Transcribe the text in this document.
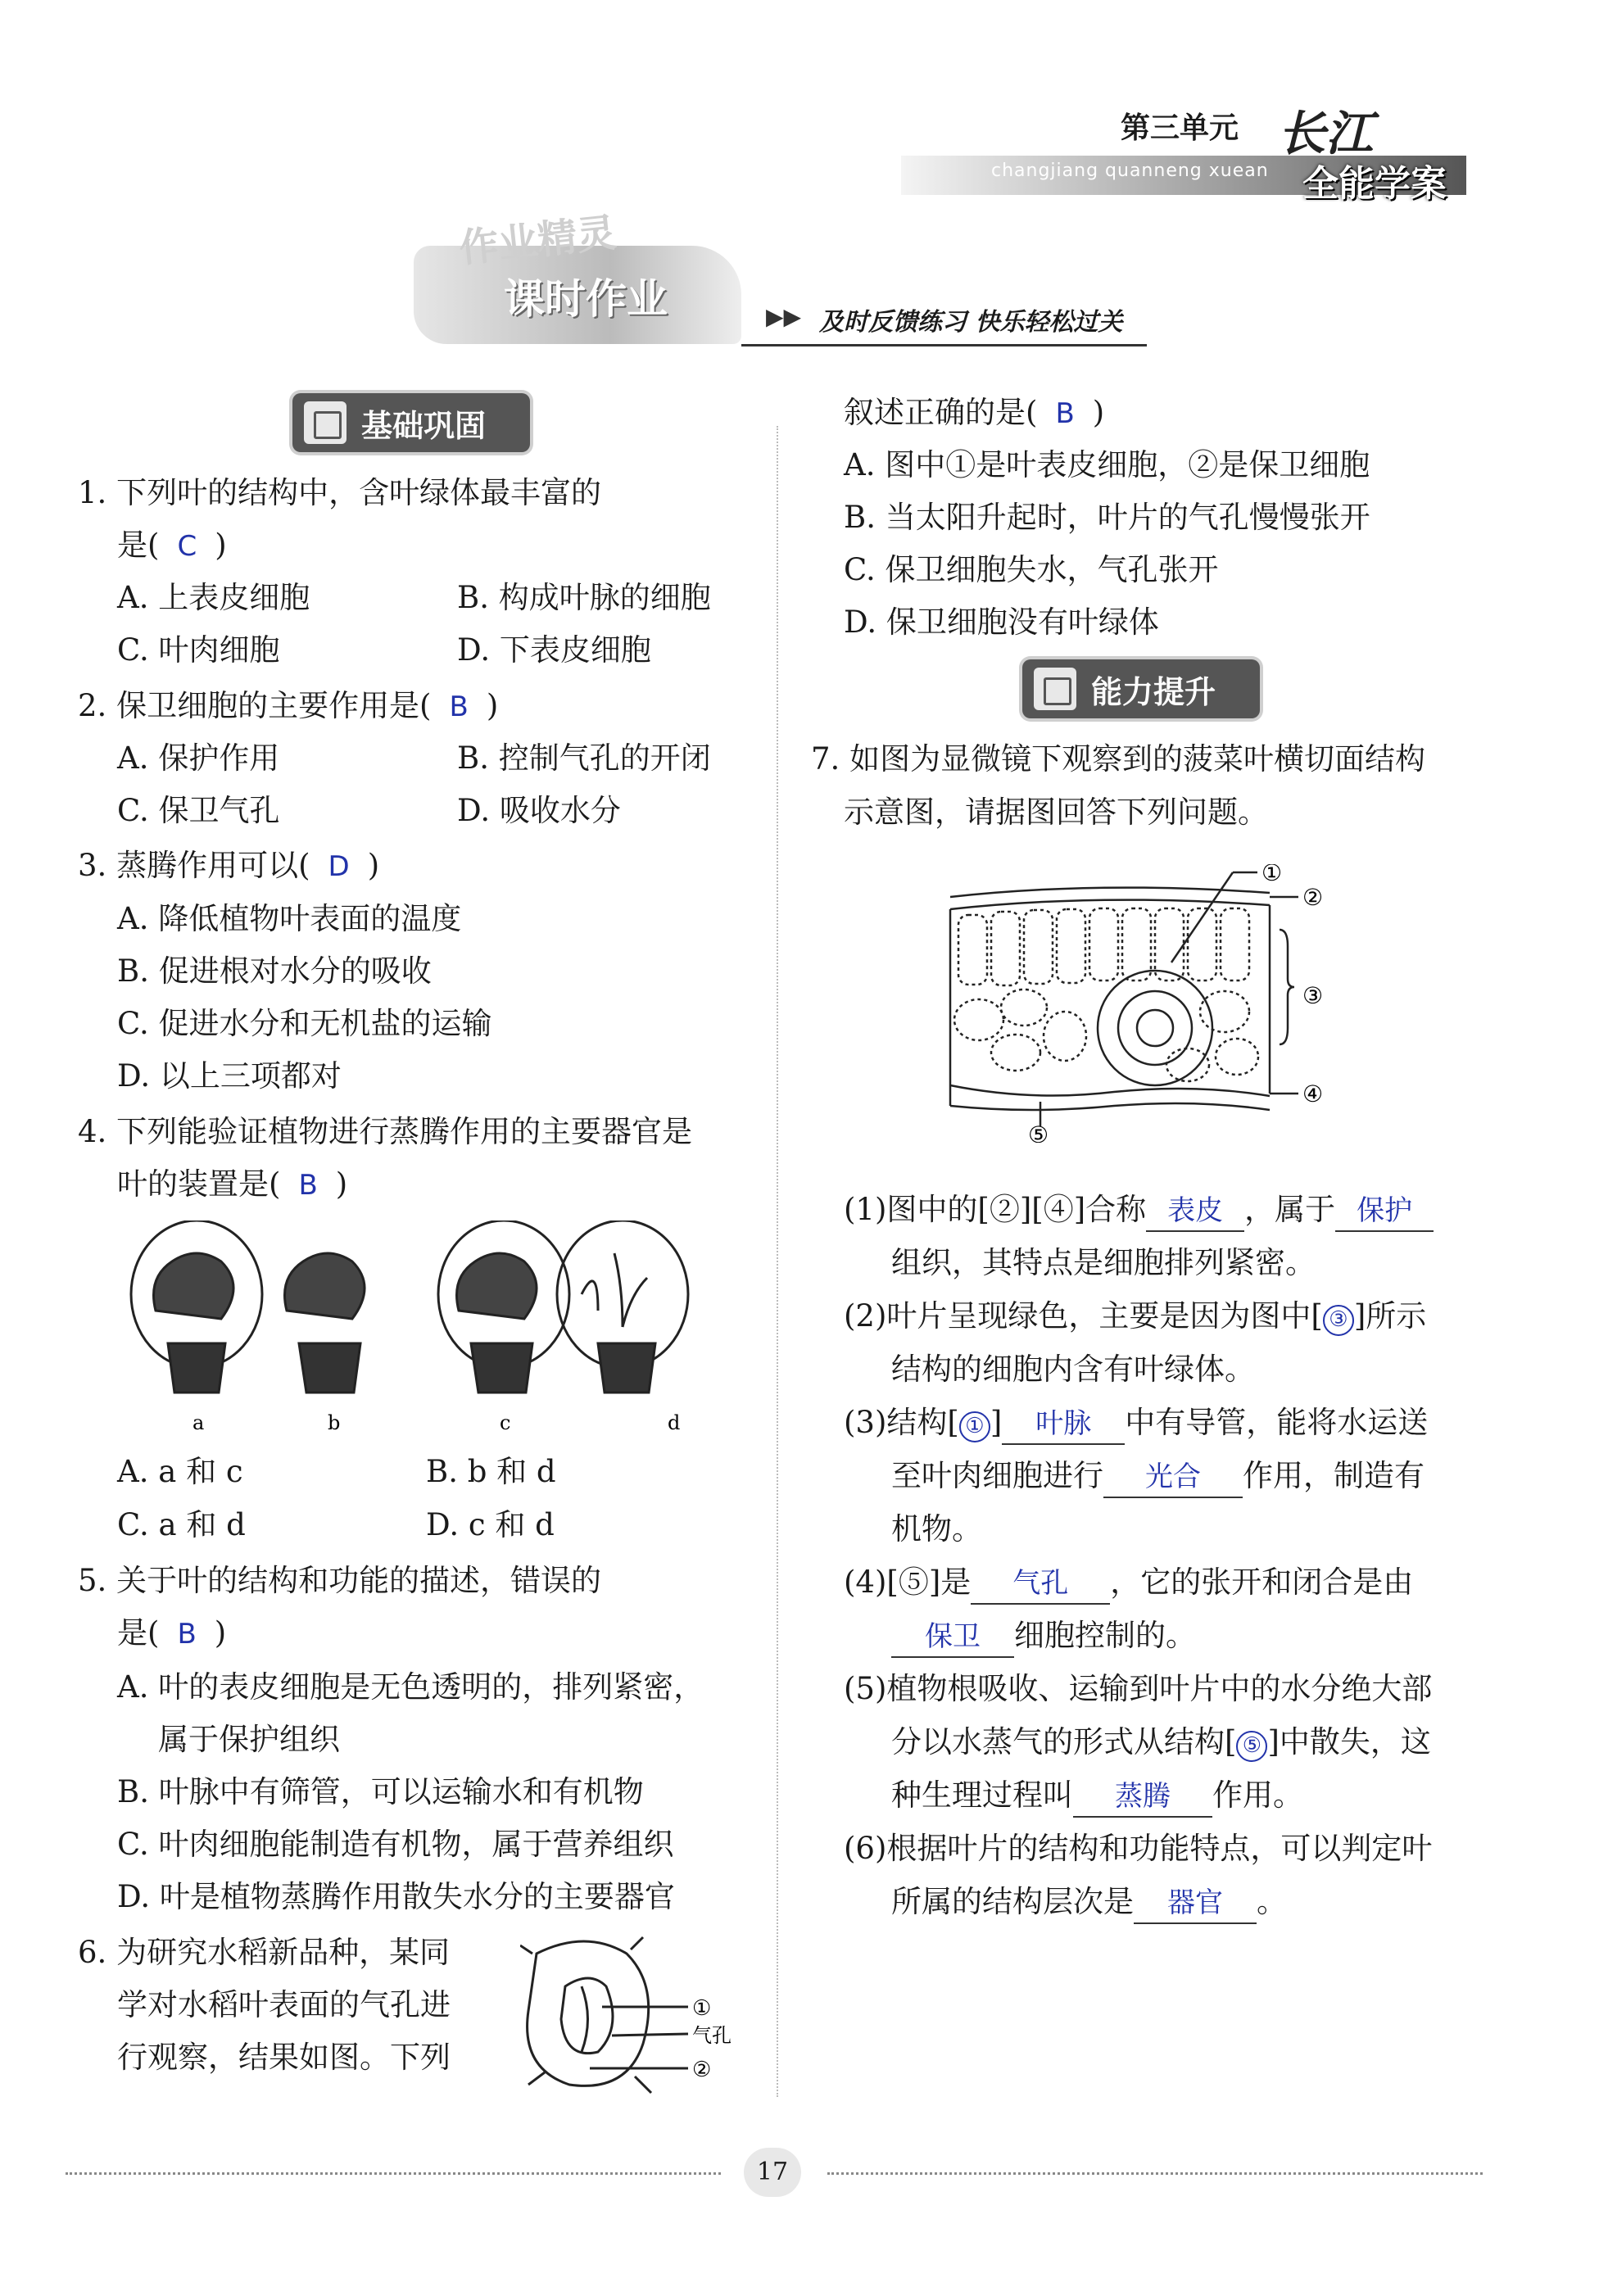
第三单元
changjiang quanneng xuean
长江
全能学案
作业精灵
课时作业	▶▶ 及时反馈练习 快乐轻松过关
基础巩固
1. 下列叶的结构中，含叶绿体最丰富的
是( C )
A. 上表皮细胞	B. 构成叶脉的细胞
C. 叶肉细胞	D. 下表皮细胞
2. 保卫细胞的主要作用是( B )
A. 保护作用	B. 控制气孔的开闭
C. 保卫气孔	D. 吸收水分
3. 蒸腾作用可以( D )
A. 降低植物叶表面的温度
B. 促进根对水分的吸收
C. 促进水分和无机盐的运输
D. 以上三项都对
4. 下列能验证植物进行蒸腾作用的主要器官是
叶的装置是( B )
a	b	c	d
A. a 和 c	B. b 和 d
C. a 和 d	D. c 和 d
5. 关于叶的结构和功能的描述，错误的
是( B )
A. 叶的表皮细胞是无色透明的，排列紧密，
属于保护组织
B. 叶脉中有筛管，可以运输水和有机物
C. 叶肉细胞能制造有机物，属于营养组织
D. 叶是植物蒸腾作用散失水分的主要器官
6. 为研究水稻新品种，某同
学对水稻叶表面的气孔进
行观察，结果如图。下列
①
气孔
②
叙述正确的是( B )
A. 图中①是叶表皮细胞，②是保卫细胞
B. 当太阳升起时，叶片的气孔慢慢张开
C. 保卫细胞失水，气孔张开
D. 保卫细胞没有叶绿体
能力提升
7. 如图为显微镜下观察到的菠菜叶横切面结构
示意图，请据图回答下列问题。
①
②
③
④
⑤
(1)图中的[②][④]合称 表皮 ，属于 保护
组织，其特点是细胞排列紧密。
(2)叶片呈现绿色，主要是因为图中[ ③ ]所示
结构的细胞内含有叶绿体。
(3)结构[ ① ] 叶脉 中有导管，能将水运送
至叶肉细胞进行 光合 作用，制造有
机物。
(4)[⑤]是 气孔 ，它的张开和闭合是由
保卫 细胞控制的。
(5)植物根吸收、运输到叶片中的水分绝大部
分以水蒸气的形式从结构[ ⑤ ]中散失，这
种生理过程叫 蒸腾 作用。
(6)根据叶片的结构和功能特点，可以判定叶
所属的结构层次是 器官 。
17
